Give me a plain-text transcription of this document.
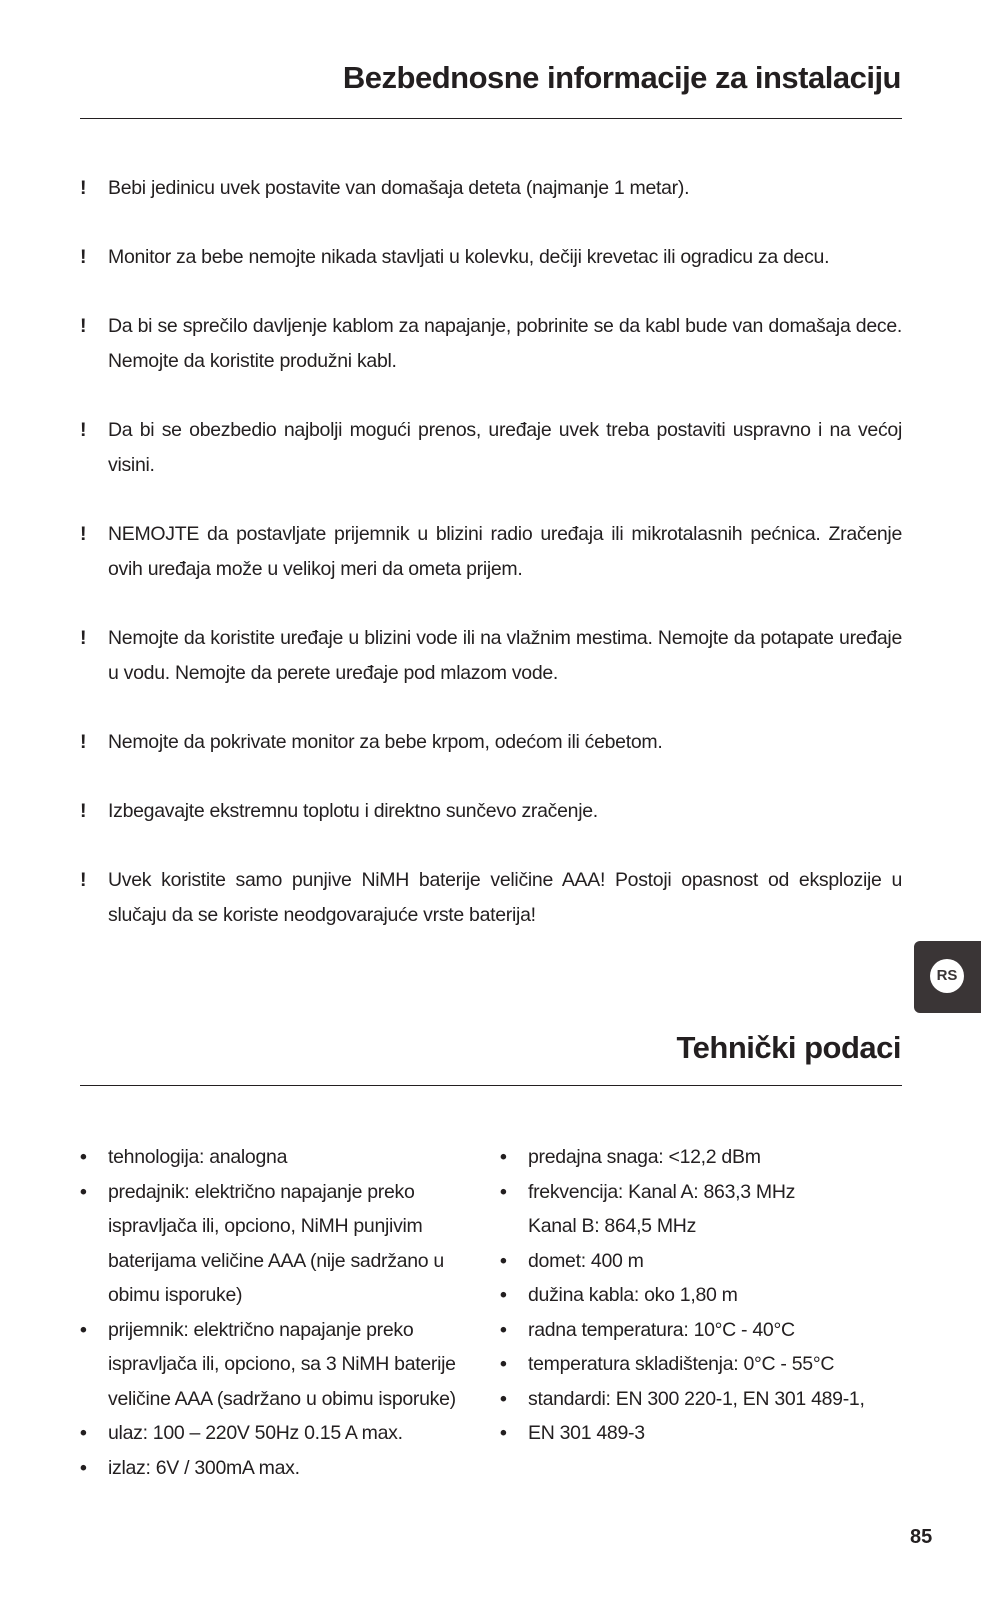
Bezbednosne informacije za instalaciju
! Bebi jedinicu uvek postavite van domašaja deteta (najmanje 1 metar).
! Monitor za bebe nemojte nikada stavljati u kolevku, dečiji krevetac ili ogradicu za decu.
! Da bi se sprečilo davljenje kablom za napajanje, pobrinite se da kabl bude van domašaja dece. Nemojte da koristite produžni kabl.
! Da bi se obezbedio najbolji mogući prenos, uređaje uvek treba postaviti uspravno i na većoj visini.
! NEMOJTE da postavljate prijemnik u blizini radio uređaja ili mikrotalasnih pećnica. Zračenje ovih uređaja može u velikoj meri da ometa prijem.
! Nemojte da koristite uređaje u blizini vode ili na vlažnim mestima. Nemojte da potapate uređaje u vodu. Nemojte da perete uređaje pod mlazom vode.
! Nemojte da pokrivate monitor za bebe krpom, odećom ili ćebetom.
! Izbegavajte ekstremnu toplotu i direktno sunčevo zračenje.
! Uvek koristite samo punjive NiMH baterije veličine AAA! Postoji opasnost od eksplozije u slučaju da se koriste neodgovarajuće vrste baterija!
RS
Tehnički podaci
• tehnologija: analogna
• predajnik: električno napajanje preko ispravljača ili, opciono, NiMH punjivim baterijama veličine AAA (nije sadržano u obimu isporuke)
• prijemnik: električno napajanje preko ispravljača ili, opciono, sa 3 NiMH baterije veličine AAA (sadržano u obimu isporuke)
• ulaz: 100 – 220V 50Hz 0.15 A max.
• izlaz: 6V / 300mA max.
• predajna snaga: <12,2 dBm
• frekvencija: Kanal A: 863,3 MHz
Kanal B: 864,5 MHz
• domet: 400 m
• dužina kabla: oko 1,80 m
• radna temperatura: 10°C - 40°C
• temperatura skladištenja: 0°C - 55°C
• standardi: EN 300 220-1, EN 301 489-1,
• EN 301 489-3
85
